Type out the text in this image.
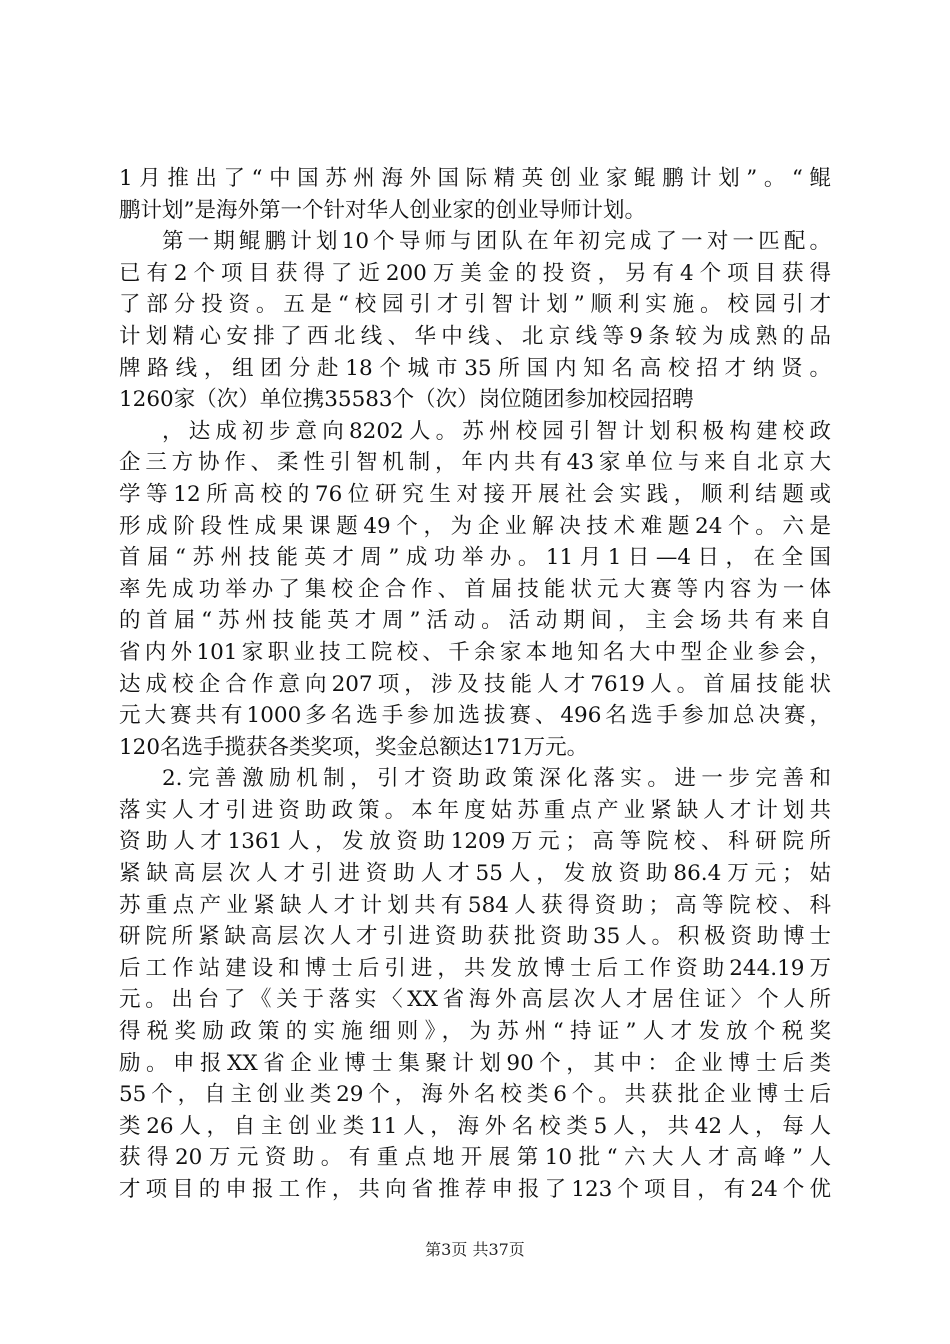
1月推出了“中国苏州海外国际精英创业家鲲鹏计划”。“鲲
鹏计划”是海外第一个针对华人创业家的创业导师计划。
第一期鲲鹏计划10个导师与团队在年初完成了一对一匹配。
已有2个项目获得了近200万美金的投资，另有4个项目获得
了部分投资。五是“校园引才引智计划”顺利实施。校园引才
计划精心安排了西北线、华中线、北京线等9条较为成熟的品
牌路线，组团分赴18个城市35所国内知名高校招才纳贤。
1260家（次）单位携35583个（次）岗位随团参加校园招聘
，达成初步意向8202人。苏州校园引智计划积极构建校政
企三方协作、柔性引智机制，年内共有43家单位与来自北京大
学等12所高校的76位研究生对接开展社会实践，顺利结题或
形成阶段性成果课题49个，为企业解决技术难题24个。六是
首届“苏州技能英才周”成功举办。11月1日—4日，在全国
率先成功举办了集校企合作、首届技能状元大赛等内容为一体
的首届“苏州技能英才周”活动。活动期间，主会场共有来自
省内外101家职业技工院校、千余家本地知名大中型企业参会，
达成校企合作意向207项，涉及技能人才7619人。首届技能状
元大赛共有1000多名选手参加选拔赛、496名选手参加总决赛，
120名选手揽获各类奖项，奖金总额达171万元。
2.完善激励机制，引才资助政策深化落实。进一步完善和
落实人才引进资助政策。本年度姑苏重点产业紧缺人才计划共
资助人才1361人，发放资助1209万元；高等院校、科研院所
紧缺高层次人才引进资助人才55人，发放资助86.4万元；姑
苏重点产业紧缺人才计划共有584人获得资助；高等院校、科
研院所紧缺高层次人才引进资助获批资助35人。积极资助博士
后工作站建设和博士后引进，共发放博士后工作资助244.19万
元。出台了《关于落实〈XX省海外高层次人才居住证〉个人所
得税奖励政策的实施细则》，为苏州“持证”人才发放个税奖
励。申报XX省企业博士集聚计划90个，其中：企业博士后类
55个，自主创业类29个，海外名校类6个。共获批企业博士后
类26人，自主创业类11人，海外名校类5人，共42人，每人
获得20万元资助。有重点地开展第10批“六大人才高峰”人
才项目的申报工作，共向省推荐申报了123个项目，有24个优
第3页 共37页
